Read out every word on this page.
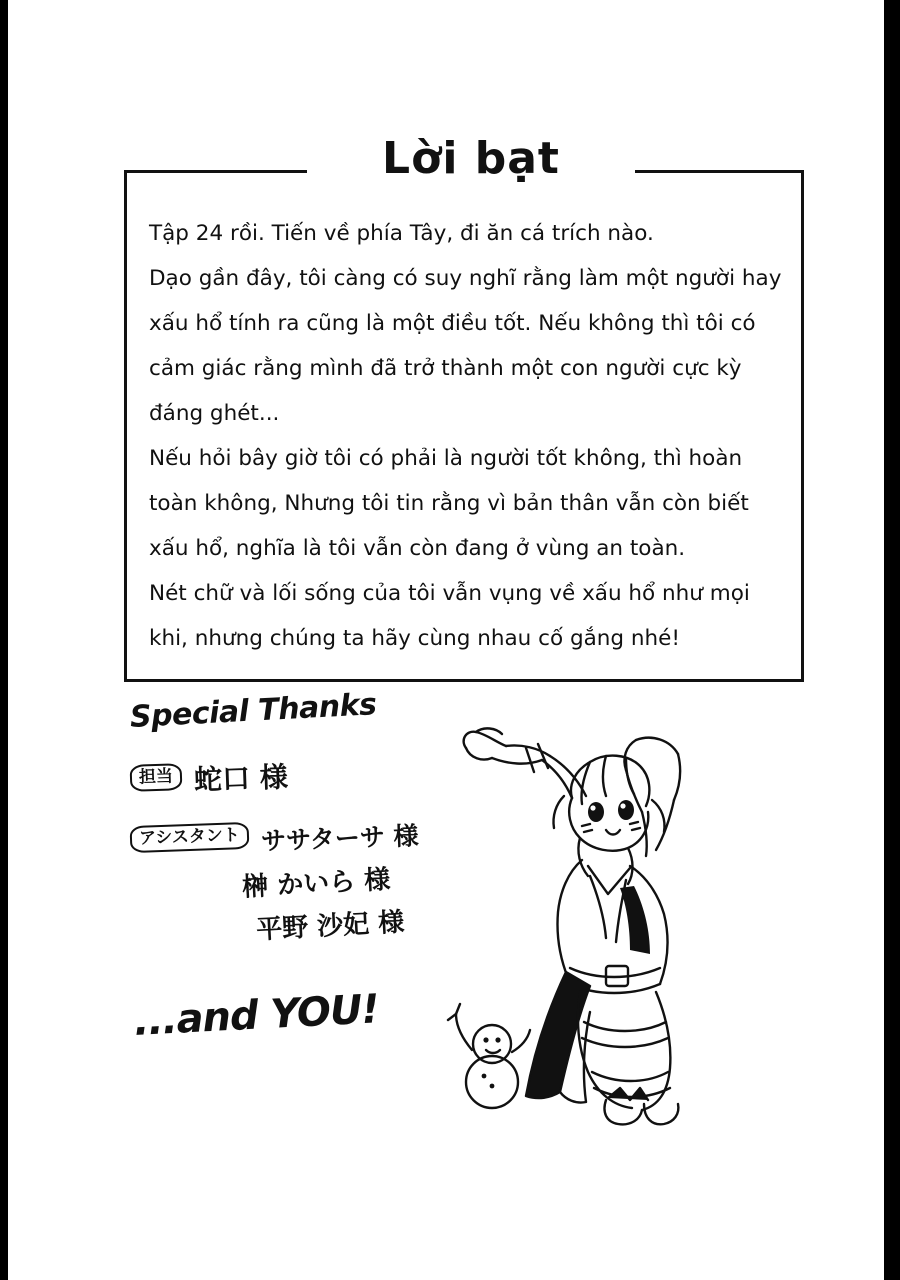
Lời bạt

Tập 24 rồi. Tiến về phía Tây, đi ăn cá trích nào.

Dạo gần đây, tôi càng có suy nghĩ rằng làm một người hay xấu hổ tính ra cũng là một điều tốt. Nếu không thì tôi có cảm giác rằng mình đã trở thành một con người cực kỳ đáng ghét...

Nếu hỏi bây giờ tôi có phải là người tốt không, thì hoàn toàn không, Nhưng tôi tin rằng vì bản thân vẫn còn biết xấu hổ, nghĩa là tôi vẫn còn đang ở vùng an toàn.

Nét chữ và lối sống của tôi vẫn vụng về xấu hổ như mọi khi, nhưng chúng ta hãy cùng nhau cố gắng nhé!

Special Thanks
担当 蛇口 様
アシスタント ササターサ 様
榊 かいら 様
平野 沙妃 様
...and YOU!
